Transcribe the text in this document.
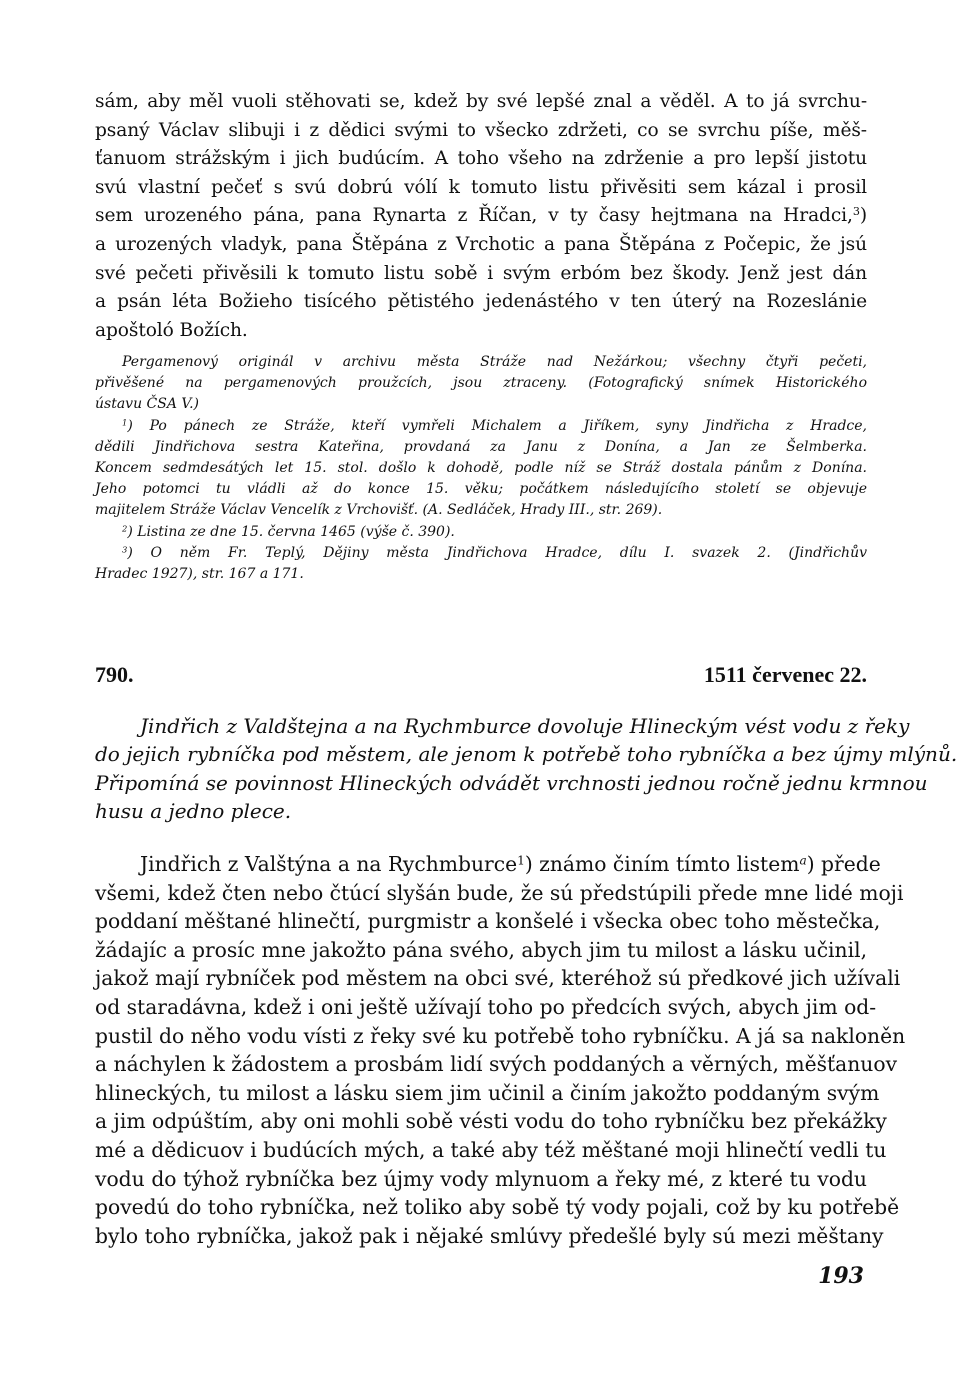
sám, aby měl vuoli stěhovati se, kdež by své lepšé znal a věděl. A to já svrchu-
psaný Václav slibuji i z dědici svými to všecko zdržeti, co se svrchu píše, měš-
ťanuom strážským i jich budúcím. A toho všeho na zdrženie a pro lepší jistotu
svú vlastní pečeť s svú dobrú vólí k tomuto listu přivěsiti sem kázal i prosil
sem urozeného pána, pana Rynarta z Říčan, v ty časy hejtmana na Hradci,$^3$)
a urozených vladyk, pana Štěpána z Vrchotic a pana Štěpána z Počepic, že jsú
své pečeti přivěsili k tomuto listu sobě i svým erbóm bez škody. Jenž jest dán
a psán léta Božieho tisícého pětistého jedenástého v ten úterý na Rozeslánie
apoštoló Božích.
Pergamenový originál v archivu města Stráže nad Nežárkou; všechny čtyři pečeti,
přivěšené na pergamenových proužcích, jsou ztraceny. (Fotografický snímek Historického
ústavu ČSA V.)
$^1$) Po pánech ze Stráže, kteří vymřeli Michalem a Jiříkem, syny Jindřicha z Hradce,
dědili Jindřichova sestra Kateřina, provdaná za Janu z Donína, a Jan ze Šelmberka.
Koncem sedmdesátých let 15. stol. došlo k dohodě, podle níž se Stráž dostala pánům z Donína.
Jeho potomci tu vládli až do konce 15. věku; počátkem následujícího století se objevuje
majitelem Stráže Václav Vencelík z Vrchovišť. (A. Sedláček, Hrady III., str. 269).
$^2$) Listina ze dne 15. června 1465 (výše č. 390).
$^3$) O něm Fr. Teplý, Dějiny města Jindřichova Hradce, dílu I. svazek 2. (Jindřichův
Hradec 1927), str. 167 a 171.
790.	1511 červenec 22.
Jindřich z Valdštejna a na Rychmburce dovoluje Hlineckým vést vodu z řeky
do jejich rybníčka pod městem, ale jenom k potřebě toho rybníčka a bez újmy mlýnů.
Připomíná se povinnost Hlineckých odvádět vrchnosti jednou ročně jednu krmnou
husu a jedno plece.
Jindřich z Valštýna a na Rychmburce$^1$) známo činím tímto listem$^a$) přede
všemi, kdež čten nebo čtúcí slyšán bude, že sú předstúpili přede mne lidé moji
poddaní měštané hlinečtí, purgmistr a konšelé i všecka obec toho městečka,
žádajíc a prosíc mne jakožto pána svého, abych jim tu milost a lásku učinil,
jakož mají rybníček pod městem na obci své, kteréhož sú předkové jich užívali
od staradávna, kdež i oni ještě užívají toho po předcích svých, abych jim od-
pustil do něho vodu vísti z řeky své ku potřebě toho rybníčku. A já sa nakloněn
a náchylen k žádostem a prosbám lidí svých poddaných a věrných, měšťanuov
hlineckých, tu milost a lásku siem jim učinil a činím jakožto poddaným svým
a jim odpúštím, aby oni mohli sobě vésti vodu do toho rybníčku bez překážky
mé a dědicuov i budúcích mých, a také aby též měštané moji hlinečtí vedli tu
vodu do týhož rybníčka bez újmy vody mlynuom a řeky mé, z které tu vodu
povedú do toho rybníčka, než toliko aby sobě tý vody pojali, což by ku potřebě
bylo toho rybníčka, jakož pak i nějaké smlúvy předešlé byly sú mezi měštany
193
